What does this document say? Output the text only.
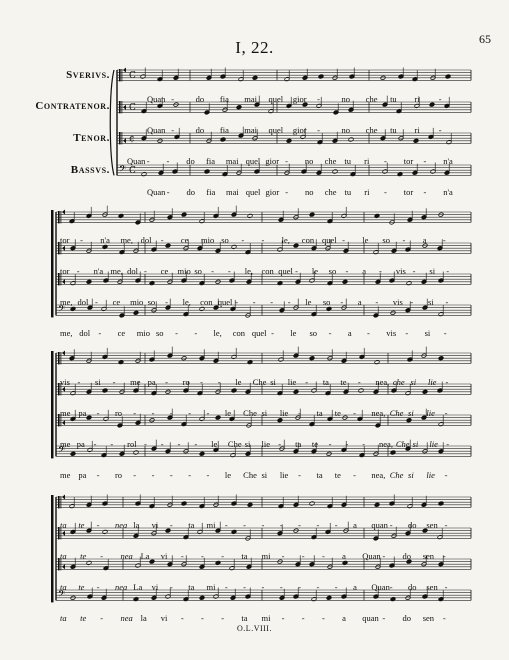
65
I, 22.
Sverivs.
Contratenor.
Tenor.
Bassvs.
C
C
¢
𝄢 C
𝄢
𝄢
𝄢
Quan -	do fia mai quel gior -	no che tu ri -
Quan -	do fia mai quel gior -	no che tu ri -
Quan - - do fia mai quel gior - no che tu ri - tor - n'a
Quan - do fia mai quel gior - no che tu ri - tor - n'a
tor - n'a me, dol - ce mio so - - le, con quel - le so - a -
tor - n'a me, dol - ce mio so - - le, con quel - le so - a - vis - si -
me, dol - ce mio so - le, con quel - - - - le so - a - vis - si -
me, dol - ce mio so - - le, con quel - le so - a - vis - si -
vis - si - me pa - ro - - le Che si lie - ta te - nea, che si lie -
me pa - ro - - - - - le Che si lie - ta te - nea, Che si lie -
me pa - - rol - - - - le Che si lie - ta te - - - nea, Che si lie -
me pa - ro - - - - - le Che si lie - ta te - nea, Che si lie -
ta te - nea la vi - ta mi - - - - - - - a quan - do sen -
ta te - nea La vi - - - ta mi - - - a Quan - do sen -
ta te - nea La vi - ta mi - - - - - - - a Quan - do sen -
ta te - nea la vi - - - ta mi - - - a quan - do sen -
O.L.VIII.
